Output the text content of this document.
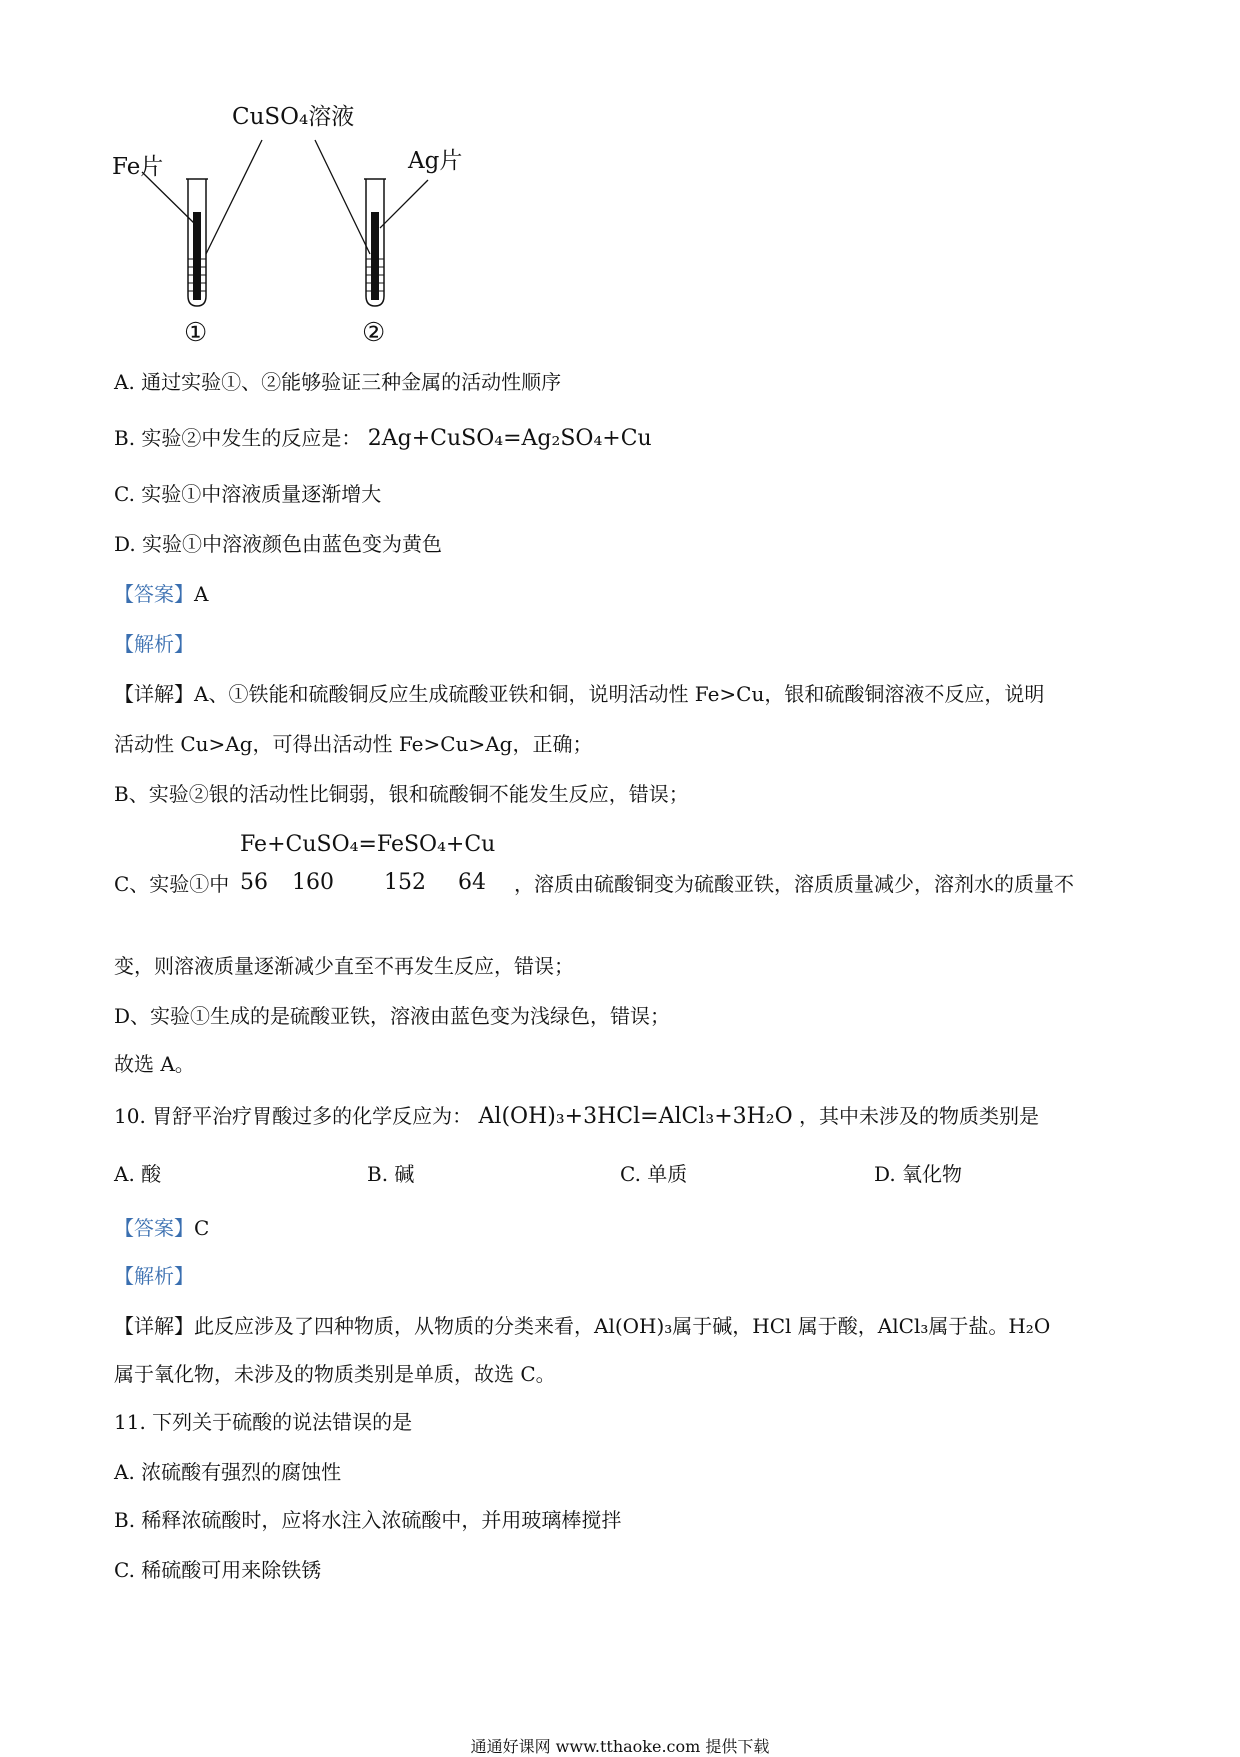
CuSO₄溶液
Fe片	Ag片
①	②
A. 通过实验①、②能够验证三种金属的活动性顺序
B. 实验②中发生的反应是： 2Ag+CuSO₄=Ag₂SO₄+Cu
C. 实验①中溶液质量逐渐增大
D. 实验①中溶液颜色由蓝色变为黄色
【答案】A
【解析】
【详解】A、①铁能和硫酸铜反应生成硫酸亚铁和铜，说明活动性 Fe>Cu，银和硫酸铜溶液不反应，说明
活动性 Cu>Ag，可得出活动性 Fe>Cu>Ag，正确；
B、实验②银的活动性比铜弱，银和硫酸铜不能发生反应，错误；
Fe+CuSO₄=FeSO₄+Cu
C、实验①中 56 160 152 64 ，溶质由硫酸铜变为硫酸亚铁，溶质质量减少，溶剂水的质量不
变，则溶液质量逐渐减少直至不再发生反应，错误；
D、实验①生成的是硫酸亚铁，溶液由蓝色变为浅绿色，错误；
故选 A。
10. 胃舒平治疗胃酸过多的化学反应为： Al(OH)₃+3HCl=AlCl₃+3H₂O ，其中未涉及的物质类别是
A. 酸	B. 碱	C. 单质	D. 氧化物
【答案】C
【解析】
【详解】此反应涉及了四种物质，从物质的分类来看，Al(OH)₃属于碱，HCl 属于酸，AlCl₃属于盐。H₂O
属于氧化物，未涉及的物质类别是单质，故选 C。
11. 下列关于硫酸的说法错误的是
A. 浓硫酸有强烈的腐蚀性
B. 稀释浓硫酸时，应将水注入浓硫酸中，并用玻璃棒搅拌
C. 稀硫酸可用来除铁锈
通通好课网 www.tthaoke.com 提供下载
